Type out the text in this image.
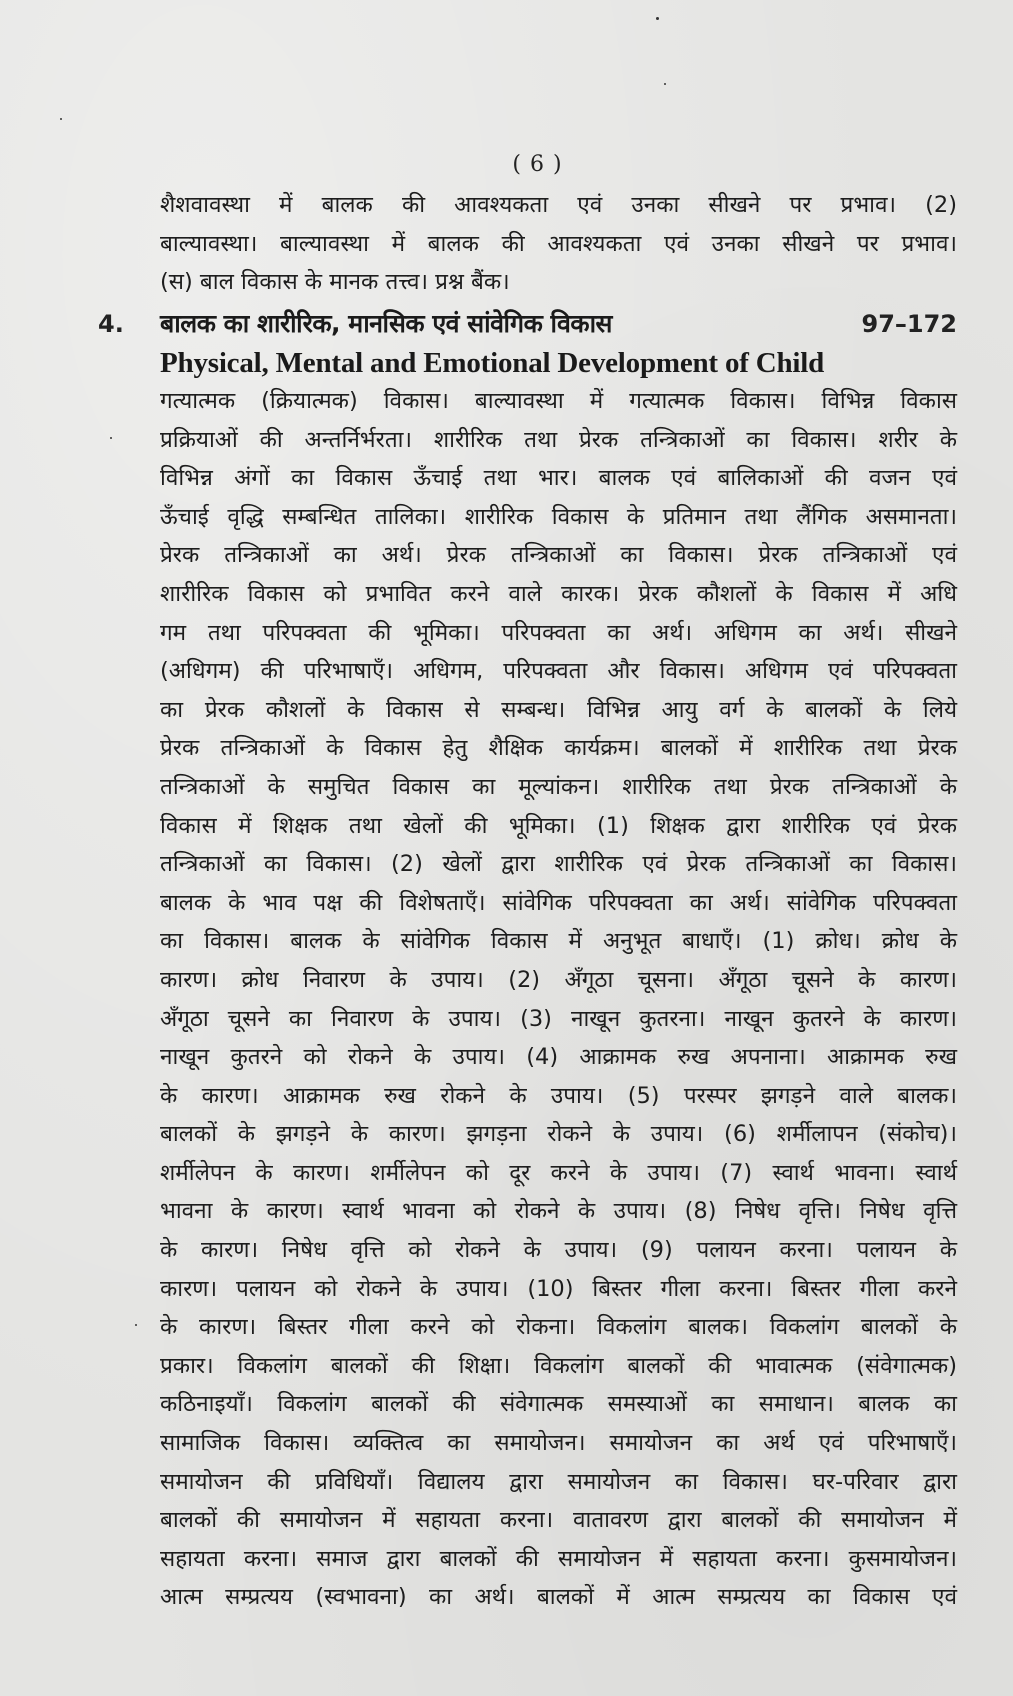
( 6 )
शैशवावस्था में बालक की आवश्यकता एवं उनका सीखने पर प्रभाव। (2)
बाल्यावस्था। बाल्यावस्था में बालक की आवश्यकता एवं उनका सीखने पर प्रभाव।
(स) बाल विकास के मानक तत्त्व। प्रश्न बैंक।
4. बालक का शारीरिक, मानसिक एवं सांवेगिक विकास	97–172
Physical, Mental and Emotional Development of Child
गत्यात्मक (क्रियात्मक) विकास। बाल्यावस्था में गत्यात्मक विकास। विभिन्न विकास
प्रक्रियाओं की अन्तर्निर्भरता। शारीरिक तथा प्रेरक तन्त्रिकाओं का विकास। शरीर के
विभिन्न अंगों का विकास ऊँचाई तथा भार। बालक एवं बालिकाओं की वजन एवं
ऊँचाई वृद्धि सम्बन्धित तालिका। शारीरिक विकास के प्रतिमान तथा लैंगिक असमानता।
प्रेरक तन्त्रिकाओं का अर्थ। प्रेरक तन्त्रिकाओं का विकास। प्रेरक तन्त्रिकाओं एवं
शारीरिक विकास को प्रभावित करने वाले कारक। प्रेरक कौशलों के विकास में अधि
गम तथा परिपक्वता की भूमिका। परिपक्वता का अर्थ। अधिगम का अर्थ। सीखने
(अधिगम) की परिभाषाएँ। अधिगम, परिपक्वता और विकास। अधिगम एवं परिपक्वता
का प्रेरक कौशलों के विकास से सम्बन्ध। विभिन्न आयु वर्ग के बालकों के लिये
प्रेरक तन्त्रिकाओं के विकास हेतु शैक्षिक कार्यक्रम। बालकों में शारीरिक तथा प्रेरक
तन्त्रिकाओं के समुचित विकास का मूल्यांकन। शारीरिक तथा प्रेरक तन्त्रिकाओं के
विकास में शिक्षक तथा खेलों की भूमिका। (1) शिक्षक द्वारा शारीरिक एवं प्रेरक
तन्त्रिकाओं का विकास। (2) खेलों द्वारा शारीरिक एवं प्रेरक तन्त्रिकाओं का विकास।
बालक के भाव पक्ष की विशेषताएँ। सांवेगिक परिपक्वता का अर्थ। सांवेगिक परिपक्वता
का विकास। बालक के सांवेगिक विकास में अनुभूत बाधाएँ। (1) क्रोध। क्रोध के
कारण। क्रोध निवारण के उपाय। (2) अँगूठा चूसना। अँगूठा चूसने के कारण।
अँगूठा चूसने का निवारण के उपाय। (3) नाखून कुतरना। नाखून कुतरने के कारण।
नाखून कुतरने को रोकने के उपाय। (4) आक्रामक रुख अपनाना। आक्रामक रुख
के कारण। आक्रामक रुख रोकने के उपाय। (5) परस्पर झगड़ने वाले बालक।
बालकों के झगड़ने के कारण। झगड़ना रोकने के उपाय। (6) शर्मीलापन (संकोच)।
शर्मीलेपन के कारण। शर्मीलेपन को दूर करने के उपाय। (7) स्वार्थ भावना। स्वार्थ
भावना के कारण। स्वार्थ भावना को रोकने के उपाय। (8) निषेध वृत्ति। निषेध वृत्ति
के कारण। निषेध वृत्ति को रोकने के उपाय। (9) पलायन करना। पलायन के
कारण। पलायन को रोकने के उपाय। (10) बिस्तर गीला करना। बिस्तर गीला करने
के कारण। बिस्तर गीला करने को रोकना। विकलांग बालक। विकलांग बालकों के
प्रकार। विकलांग बालकों की शिक्षा। विकलांग बालकों की भावात्मक (संवेगात्मक)
कठिनाइयाँ। विकलांग बालकों की संवेगात्मक समस्याओं का समाधान। बालक का
सामाजिक विकास। व्यक्तित्व का समायोजन। समायोजन का अर्थ एवं परिभाषाएँ।
समायोजन की प्रविधियाँ। विद्यालय द्वारा समायोजन का विकास। घर-परिवार द्वारा
बालकों की समायोजन में सहायता करना। वातावरण द्वारा बालकों की समायोजन में
सहायता करना। समाज द्वारा बालकों की समायोजन में सहायता करना। कुसमायोजन।
आत्म सम्प्रत्यय (स्वभावना) का अर्थ। बालकों में आत्म सम्प्रत्यय का विकास एवं
